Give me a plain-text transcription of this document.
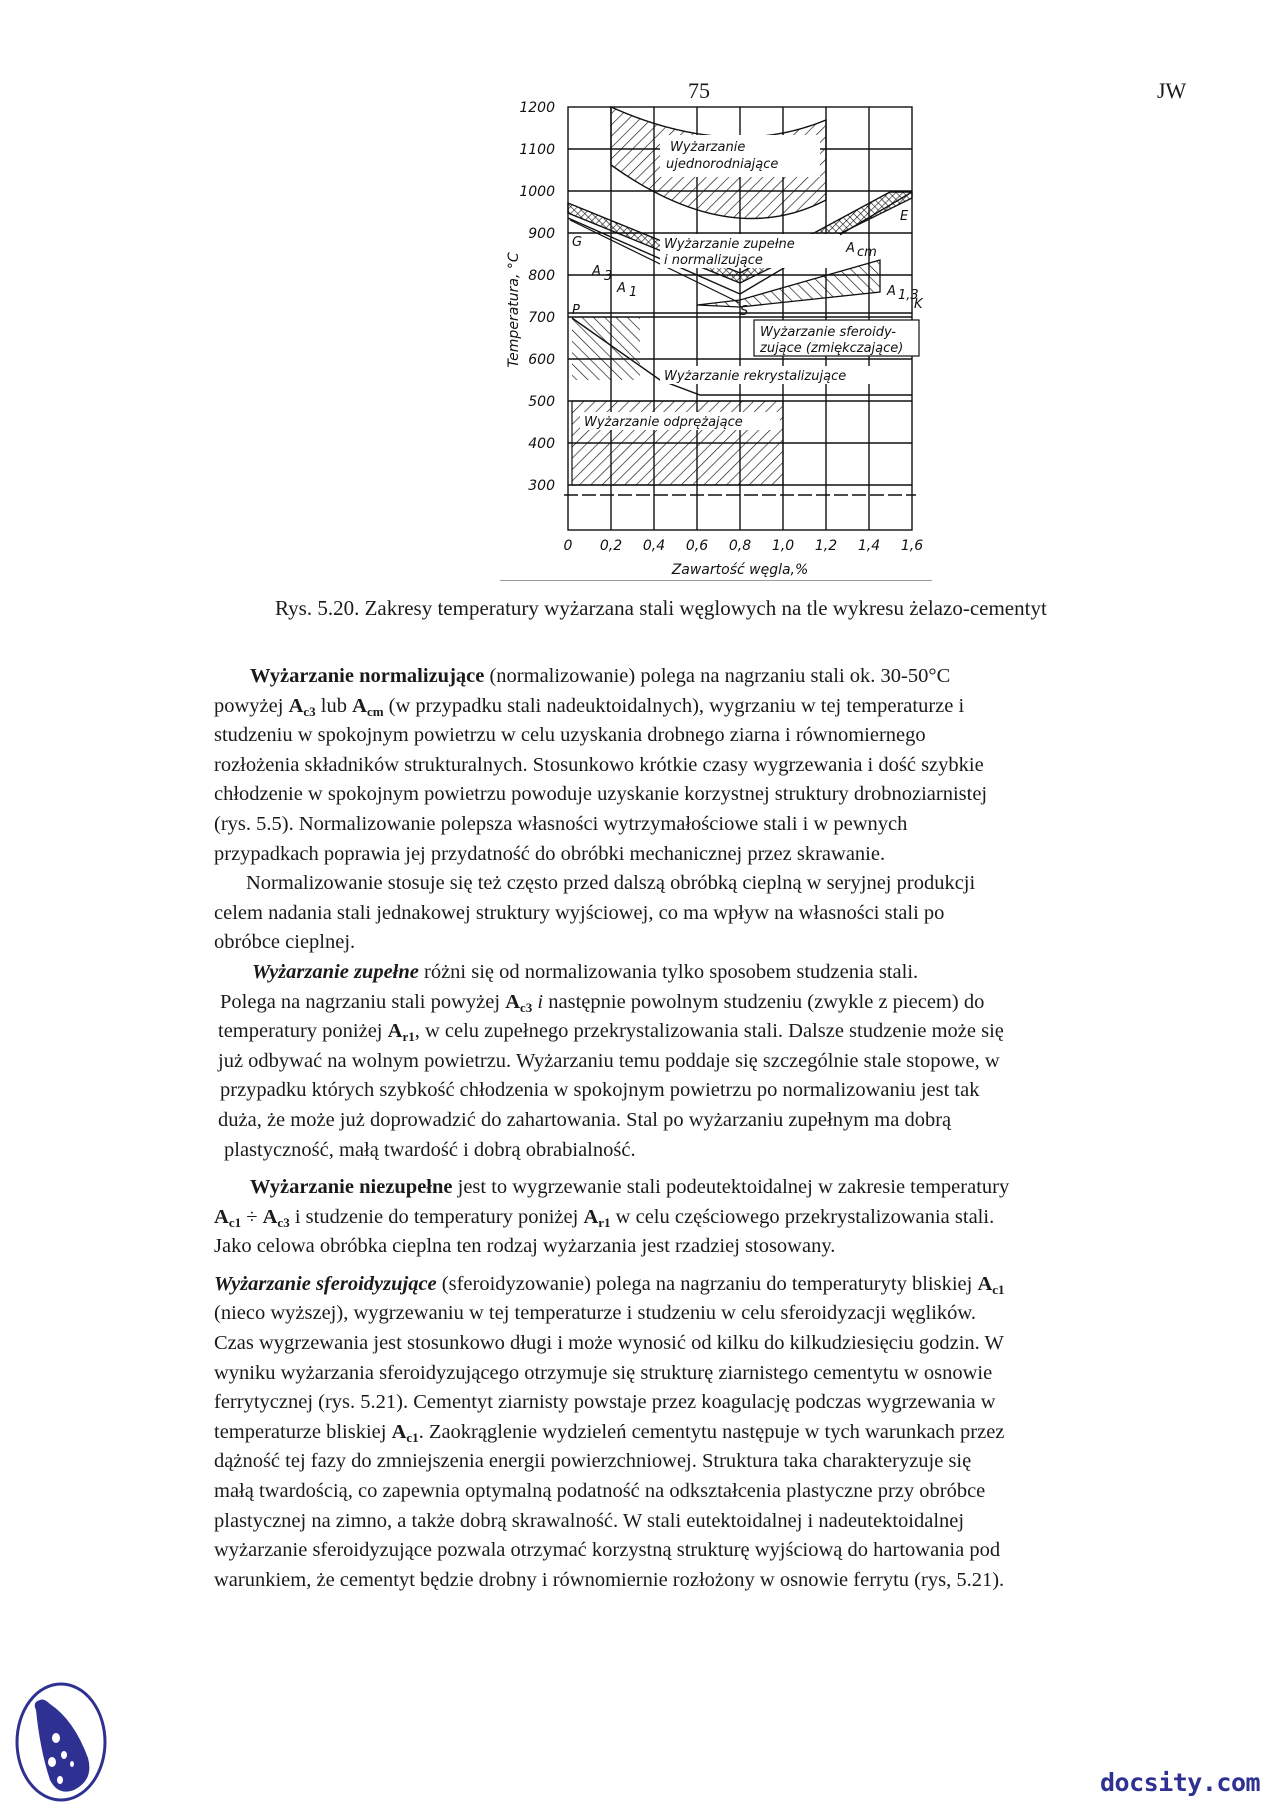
75	JW
1200
1100
1000
900
800
700
600
500
400
300
0 0,2 0,4 0,6 0,8 1,0 1,2 1,4 1,6
Zawartość węgla,%
Temperatura, °C
Wyżarzanie
ujednorodniające
Wyżarzanie zupełne
i normalizujące
Wyżarzanie sferoidy-
zujące (zmiękczające)
Wyżarzanie rekrystalizujące
Wyżarzanie odprężające
G
E
P	S	K
A 3
A 1
A cm
A 1,3
Rys. 5.20. Zakresy temperatury wyżarzana stali węglowych na tle wykresu żelazo-cementyt

Wyżarzanie normalizujące (normalizowanie) polega na nagrzaniu stali ok. 30-50°C

powyżej $A_{c3}$ lub $A_{cm}$ (w przypadku stali nadeuktoidalnych), wygrzaniu w tej temperaturze i

studzeniu w spokojnym powietrzu w celu uzyskania drobnego ziarna i równomiernego

rozłożenia składników strukturalnych. Stosunkowo krótkie czasy wygrzewania i dość szybkie

chłodzenie w spokojnym powietrzu powoduje uzyskanie korzystnej struktury drobnoziarnistej

(rys. 5.5). Normalizowanie polepsza własności wytrzymałościowe stali i w pewnych

przypadkach poprawia jej przydatność do obróbki mechanicznej przez skrawanie.

Normalizowanie stosuje się też często przed dalszą obróbką cieplną w seryjnej produkcji

celem nadania stali jednakowej struktury wyjściowej, co ma wpływ na własności stali po

obróbce cieplnej.

Wyżarzanie zupełne różni się od normalizowania tylko sposobem studzenia stali.

Polega na nagrzaniu stali powyżej $A_{c3}$ i następnie powolnym studzeniu (zwykle z piecem) do

temperatury poniżej $A_{r1}$, w celu zupełnego przekrystalizowania stali. Dalsze studzenie może się

już odbywać na wolnym powietrzu. Wyżarzaniu temu poddaje się szczególnie stale stopowe, w

przypadku których szybkość chłodzenia w spokojnym powietrzu po normalizowaniu jest tak

duża, że może już doprowadzić do zahartowania. Stal po wyżarzaniu zupełnym ma dobrą

plastyczność, małą twardość i dobrą obrabialność.

Wyżarzanie niezupełne jest to wygrzewanie stali podeutektoidalnej w zakresie temperatury

$A_{c1} \div A_{c3}$ i studzenie do temperatury poniżej $A_{r1}$ w celu częściowego przekrystalizowania stali.

Jako celowa obróbka cieplna ten rodzaj wyżarzania jest rzadziej stosowany.

Wyżarzanie sferoidyzujące (sferoidyzowanie) polega na nagrzaniu do temperaturyty bliskiej $A_{c1}$

(nieco wyższej), wygrzewaniu w tej temperaturze i studzeniu w celu sferoidyzacji węglików.

Czas wygrzewania jest stosunkowo długi i może wynosić od kilku do kilkudziesięciu godzin. W

wyniku wyżarzania sferoidyzującego otrzymuje się strukturę ziarnistego cementytu w osnowie

ferrytycznej (rys. 5.21). Cementyt ziarnisty powstaje przez koagulację podczas wygrzewania w

temperaturze bliskiej $A_{c1}$. Zaokrąglenie wydzieleń cementytu następuje w tych warunkach przez

dążność tej fazy do zmniejszenia energii powierzchniowej. Struktura taka charakteryzuje się

małą twardością, co zapewnia optymalną podatność na odkształcenia plastyczne przy obróbce

plastycznej na zimno, a także dobrą skrawalność. W stali eutektoidalnej i nadeutektoidalnej

wyżarzanie sferoidyzujące pozwala otrzymać korzystną strukturę wyjściową do hartowania pod

warunkiem, że cementyt będzie drobny i równomiernie rozłożony w osnowie ferrytu (rys, 5.21).

docsity.com
